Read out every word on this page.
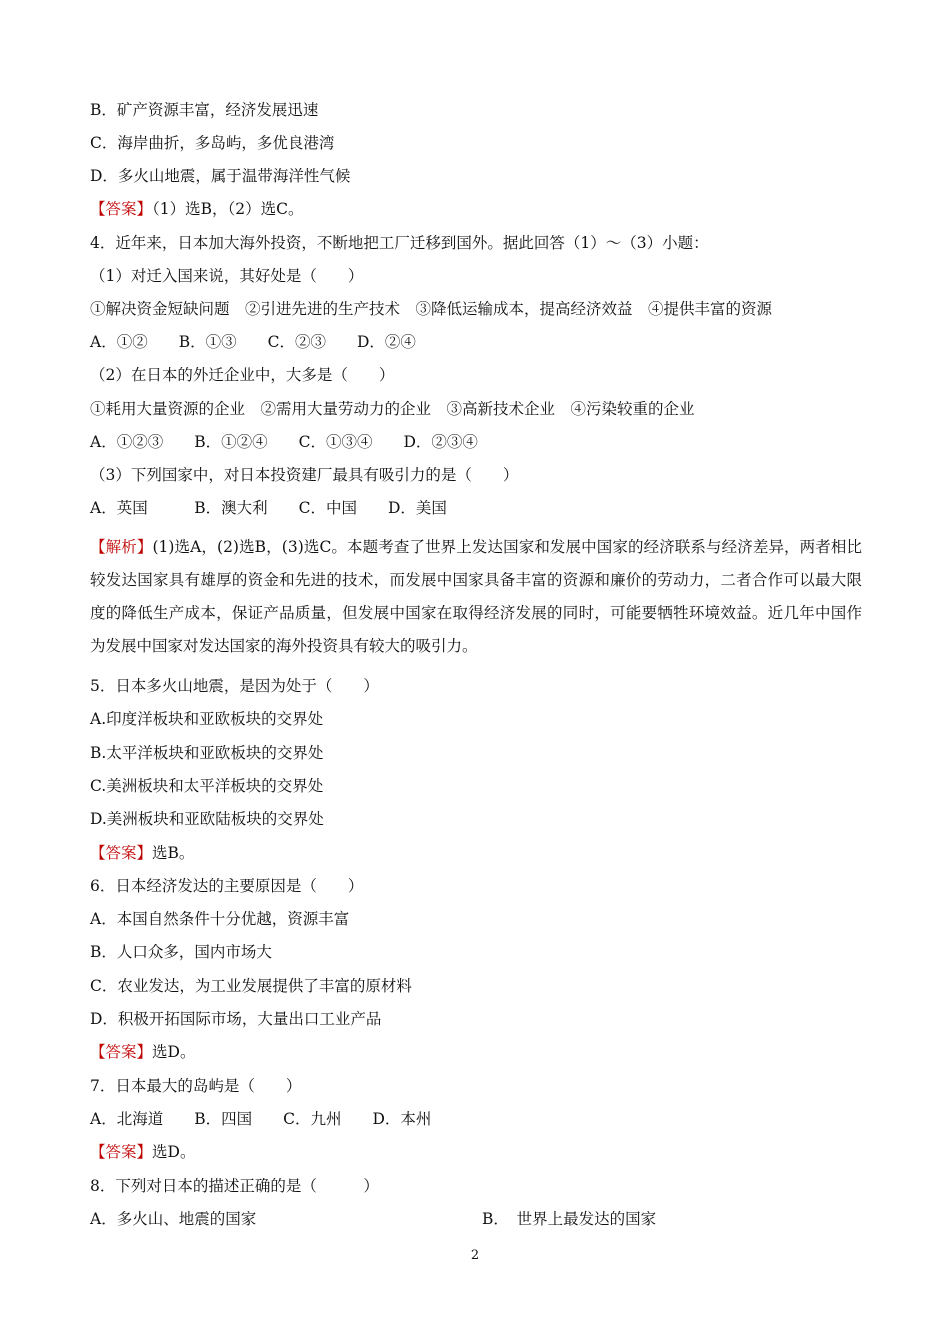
B．矿产资源丰富，经济发展迅速
C．海岸曲折，多岛屿，多优良港湾
D．多火山地震，属于温带海洋性气候
【答案】（1）选B，（2）选C。
4．近年来，日本加大海外投资，不断地把工厂迁移到国外。据此回答（1）～（3）小题：
（1）对迁入国来说，其好处是（　　）
①解决资金短缺问题　②引进先进的生产技术　③降低运输成本，提高经济效益　④提供丰富的资源
A．①②　　B．①③　　C．②③　　D．②④
（2）在日本的外迁企业中，大多是（　　）
①耗用大量资源的企业　②需用大量劳动力的企业　③高新技术企业　④污染较重的企业
A．①②③　　B．①②④　　C．①③④　　D．②③④
（3）下列国家中，对日本投资建厂最具有吸引力的是（　　）
A．英国　　　B．澳大利　　C．中国　　D．美国
【解析】(1)选A，(2)选B，(3)选C。本题考查了世界上发达国家和发展中国家的经济联系与经济差异，两者相比较发达国家具有雄厚的资金和先进的技术，而发展中国家具备丰富的资源和廉价的劳动力，二者合作可以最大限度的降低生产成本，保证产品质量，但发展中国家在取得经济发展的同时，可能要牺牲环境效益。近几年中国作为发展中国家对发达国家的海外投资具有较大的吸引力。
5．日本多火山地震，是因为处于（　　）
A.印度洋板块和亚欧板块的交界处
B.太平洋板块和亚欧板块的交界处
C.美洲板块和太平洋板块的交界处
D.美洲板块和亚欧陆板块的交界处
【答案】选B。
6．日本经济发达的主要原因是（　　）
A．本国自然条件十分优越，资源丰富
B．人口众多，国内市场大
C．农业发达，为工业发展提供了丰富的原材料
D．积极开拓国际市场，大量出口工业产品
【答案】选D。
7．日本最大的岛屿是（　　）
A．北海道　　B．四国　　C．九州　　D．本州
【答案】选D。
8．下列对日本的描述正确的是（　　　）
A．多火山、地震的国家	B．　世界上最发达的国家
2
